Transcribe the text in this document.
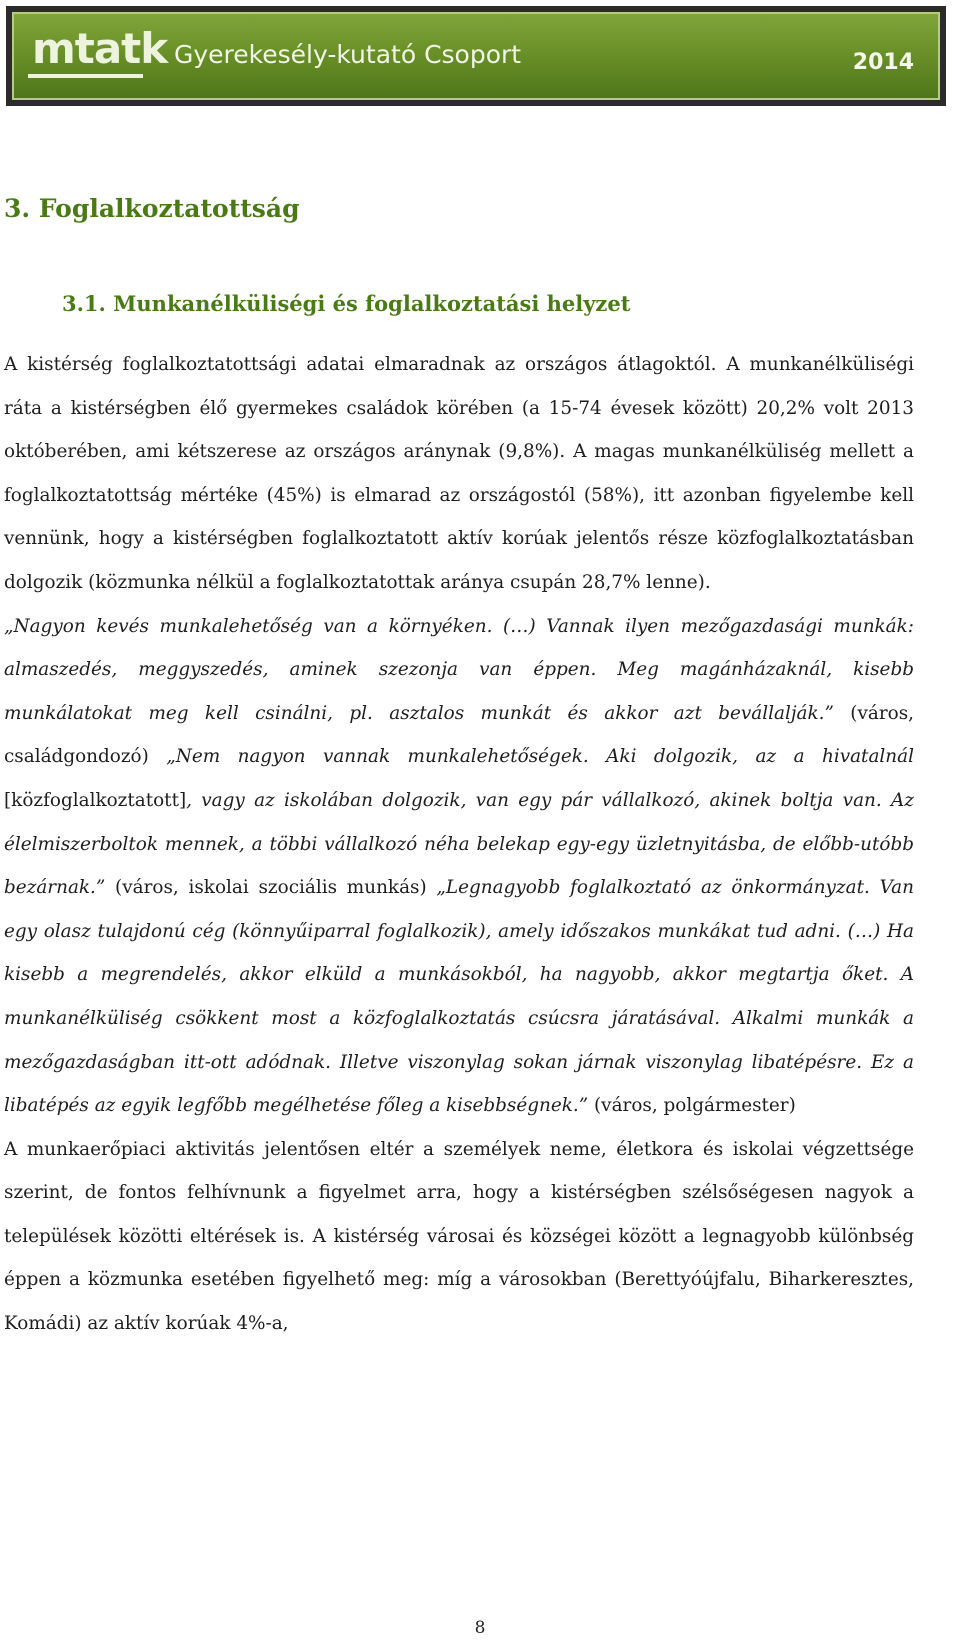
mtatk Gyerekesély-kutató Csoport	2014
3. Foglalkoztatottság
3.1. Munkanélküliségi és foglalkoztatási helyzet

A kistérség foglalkoztatottsági adatai elmaradnak az országos átlagoktól. A munkanélküliségi ráta a kistérségben élő gyermekes családok körében (a 15-74 évesek között) 20,2% volt 2013 októberében, ami kétszerese az országos aránynak (9,8%). A magas munkanélküliség mellett a foglalkoztatottság mértéke (45%) is elmarad az országostól (58%), itt azonban figyelembe kell vennünk, hogy a kistérségben foglalkoztatott aktív korúak jelentős része közfoglalkoztatásban dolgozik (közmunka nélkül a foglalkoztatottak aránya csupán 28,7% lenne).

„Nagyon kevés munkalehetőség van a környéken. (…) Vannak ilyen mezőgazdasági munkák: almaszedés, meggyszedés, aminek szezonja van éppen. Meg magánházaknál, kisebb munkálatokat meg kell csinálni, pl. asztalos munkát és akkor azt bevállalják.” (város, családgondozó) „Nem nagyon vannak munkalehetőségek. Aki dolgozik, az a hivatalnál [közfoglalkoztatott], vagy az iskolában dolgozik, van egy pár vállalkozó, akinek boltja van. Az élelmiszerboltok mennek, a többi vállalkozó néha belekap egy-egy üzletnyitásba, de előbb-utóbb bezárnak.” (város, iskolai szociális munkás) „Legnagyobb foglalkoztató az önkormányzat. Van egy olasz tulajdonú cég (könnyűiparral foglalkozik), amely időszakos munkákat tud adni. (…) Ha kisebb a megrendelés, akkor elküld a munkásokból, ha nagyobb, akkor megtartja őket. A munkanélküliség csökkent most a közfoglalkoztatás csúcsra járatásával. Alkalmi munkák a mezőgazdaságban itt-ott adódnak. Illetve viszonylag sokan járnak viszonylag libatépésre. Ez a libatépés az egyik legfőbb megélhetése főleg a kisebbségnek.” (város, polgármester)

A munkaerőpiaci aktivitás jelentősen eltér a személyek neme, életkora és iskolai végzettsége szerint, de fontos felhívnunk a figyelmet arra, hogy a kistérségben szélsőségesen nagyok a települések közötti eltérések is. A kistérség városai és községei között a legnagyobb különbség éppen a közmunka esetében figyelhető meg: míg a városokban (Berettyóújfalu, Biharkeresztes, Komádi) az aktív korúak 4%-a,

8
